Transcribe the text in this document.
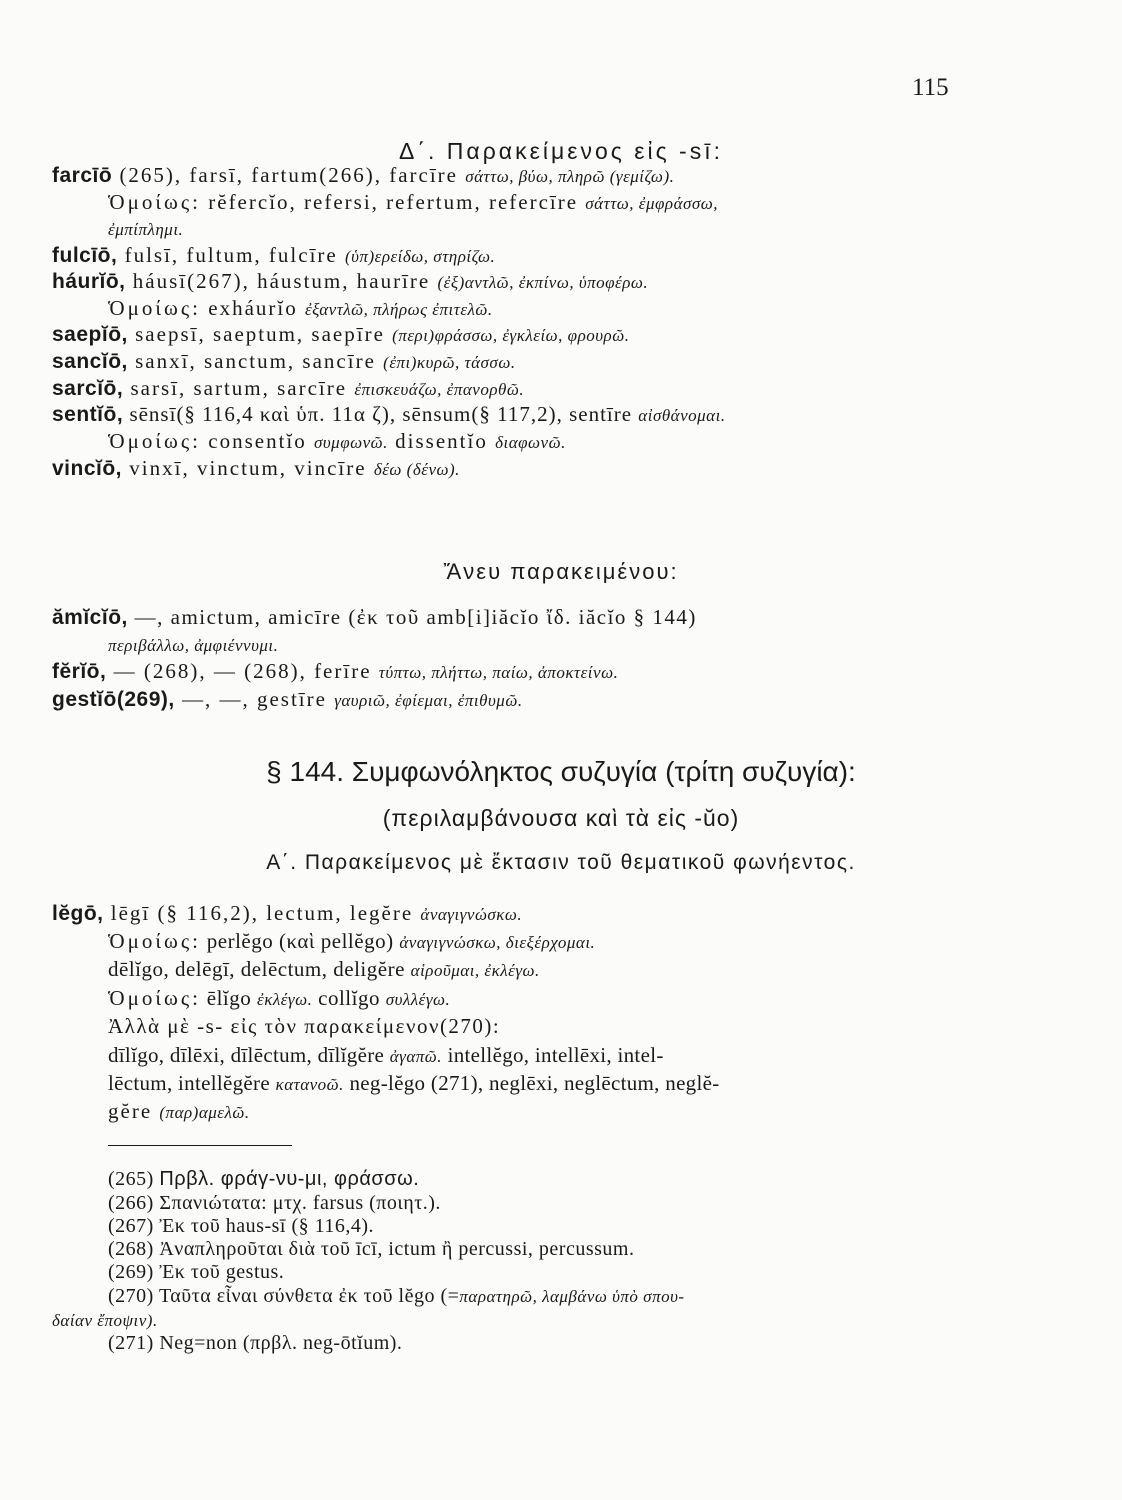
115
Δ΄. Παρακείμενος εἰς -sī:
farcīō (265), farsī, fartum(266), farcīre σάττω, βύω, πληρῶ (γεμίζω).
Ὁμοίως: rĕfercĭo, refersi, refertum, refercīre σάττω, ἐμφράσσω,
ἐμπίπλημι.
fulcīō, fulsī, fultum, fulcīre (ὑπ)ερείδω, στηρίζω.
háurĭō, háusī(267), háustum, haurīre (ἐξ)αντλῶ, ἐκπίνω, ὑποφέρω.
Ὁμοίως: exháurĭo ἐξαντλῶ, πλήρως ἐπιτελῶ.
saepĭō, saepsī, saeptum, saepīre (περι)φράσσω, ἐγκλείω, φρουρῶ.
sancĭō, sanxī, sanctum, sancīre (ἐπι)κυρῶ, τάσσω.
sarcĭō, sarsī, sartum, sarcīre ἐπισκευάζω, ἐπανορθῶ.
sentĭō, sēnsī(§ 116,4 καὶ ὑπ. 11α ζ), sēnsum(§ 117,2), sentīre αἰσθάνομαι.
Ὁμοίως: consentĭo συμφωνῶ. dissentĭo διαφωνῶ.
vincĭō, vinxī, vinctum, vincīre δέω (δένω).
Ἄνευ παρακειμένου:
ămĭcĭō, —, amictum, amicīre (ἐκ τοῦ amb[i]iăcĭo ἴδ. iăcĭo § 144)
περιβάλλω, ἀμφιέννυμι.
fĕrĭō, — (268), — (268), ferīre τύπτω, πλήττω, παίω, ἀποκτείνω.
gestĭō(269), —, —, gestīre γαυριῶ, ἐφίεμαι, ἐπιθυμῶ.
§ 144. Συμφωνόληκτος συζυγία (τρίτη συζυγία):
(περιλαμβάνουσα καὶ τὰ εἰς -ŭo)
Α΄. Παρακείμενος μὲ ἔκτασιν τοῦ θεματικοῦ φωνήεντος.
lĕgō, lēgī (§ 116,2), lectum, legĕre ἀναγιγνώσκω.
Ὁμοίως: perlĕgo (καὶ pellĕgo) ἀναγιγνώσκω, διεξέρχομαι.
dēlĭgo, delēgī, delēctum, deligĕre αἱροῦμαι, ἐκλέγω.
Ὁμοίως: ēlĭgo ἐκλέγω. collĭgo συλλέγω.
Ἀλλὰ μὲ -s- εἰς τὸν παρακείμενον(270):
dīlĭgo, dīlēxi, dīlēctum, dīlĭgĕre ἀγαπῶ. intellĕgo, intellēxi, intel-
lēctum, intellĕgĕre κατανοῶ. neg-lĕgo (271), neglēxi, neglēctum, neglĕ-
gĕre (παρ)αμελῶ.
(265) Πρβλ. φράγ-νυ-μι, φράσσω.
(266) Σπανιώτατα: μτχ. farsus (ποιητ.).
(267) Ἐκ τοῦ haus-sī (§ 116,4).
(268) Ἀναπληροῦται διὰ τοῦ īcī, ictum ἢ percussi, percussum.
(269) Ἐκ τοῦ gestus.
(270) Ταῦτα εἶναι σύνθετα ἐκ τοῦ lĕgo (=παρατηρῶ, λαμβάνω ὑπὸ σπου-
δαίαν ἔποψιν).
(271) Neg=non (πρβλ. neg-ōtĭum).
